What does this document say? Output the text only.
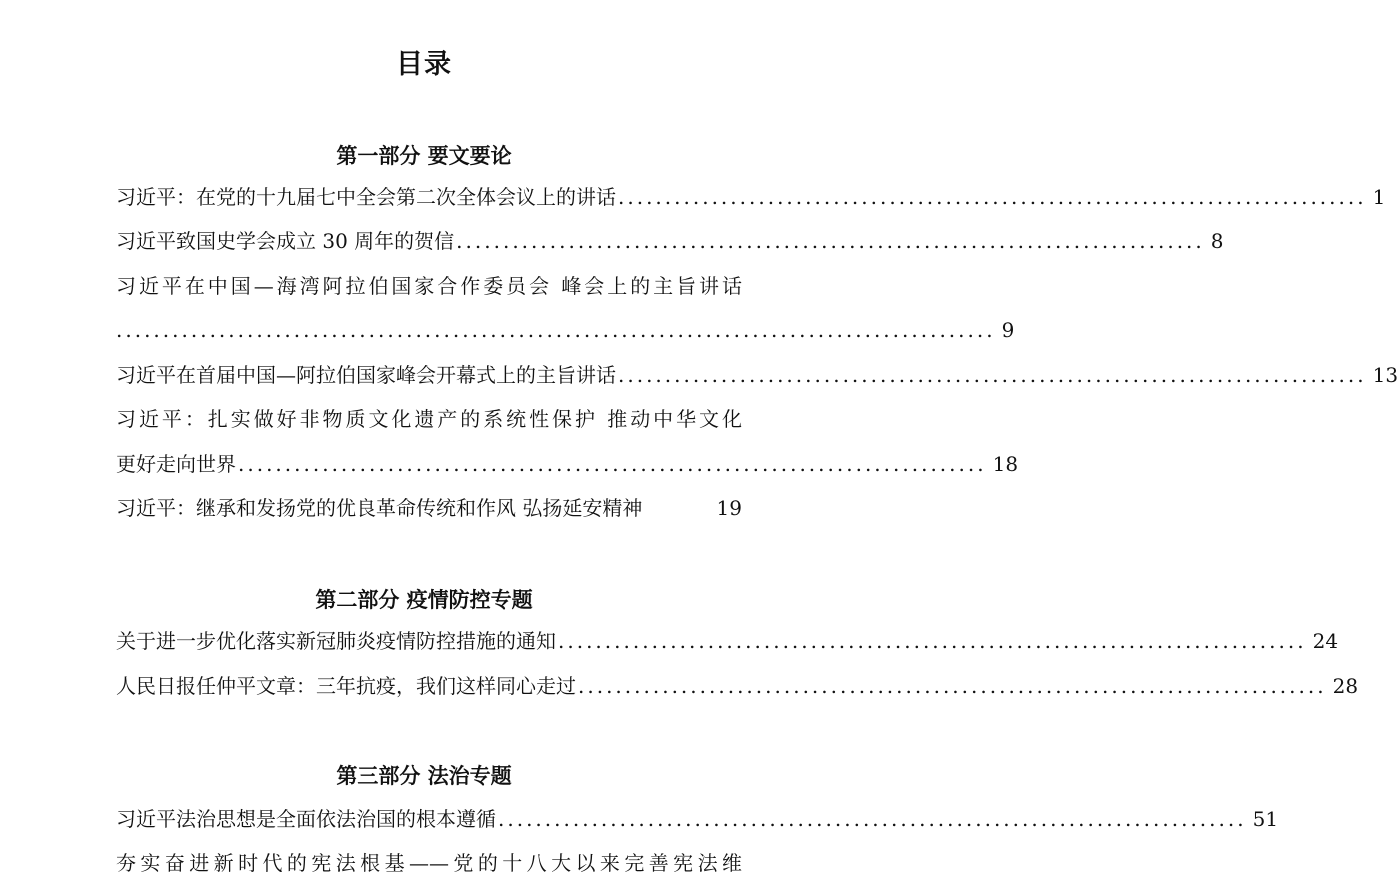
目录
第一部分 要文要论
习近平：在党的十九届七中全会第二次全体会议上的讲话 ................................................................................ 1
习近平致国史学会成立 30 周年的贺信 ................................................................................ 8
习近平在中国—海湾阿拉伯国家合作委员会 峰会上的主旨讲话
.............................................................................................. 9
习近平在首届中国—阿拉伯国家峰会开幕式上的主旨讲话 ................................................................................ 13
习近平：扎实做好非物质文化遗产的系统性保护 推动中华文化
更好走向世界 ................................................................................ 18
习近平：继承和发扬党的优良革命传统和作风 弘扬延安精神	19
第二部分 疫情防控专题
关于进一步优化落实新冠肺炎疫情防控措施的通知 ................................................................................ 24
人民日报任仲平文章：三年抗疫，我们这样同心走过 ................................................................................ 28
第三部分 法治专题
习近平法治思想是全面依法治国的根本遵循 ................................................................................ 51
夯实奋进新时代的宪法根基——党的十八大以来完善宪法维
